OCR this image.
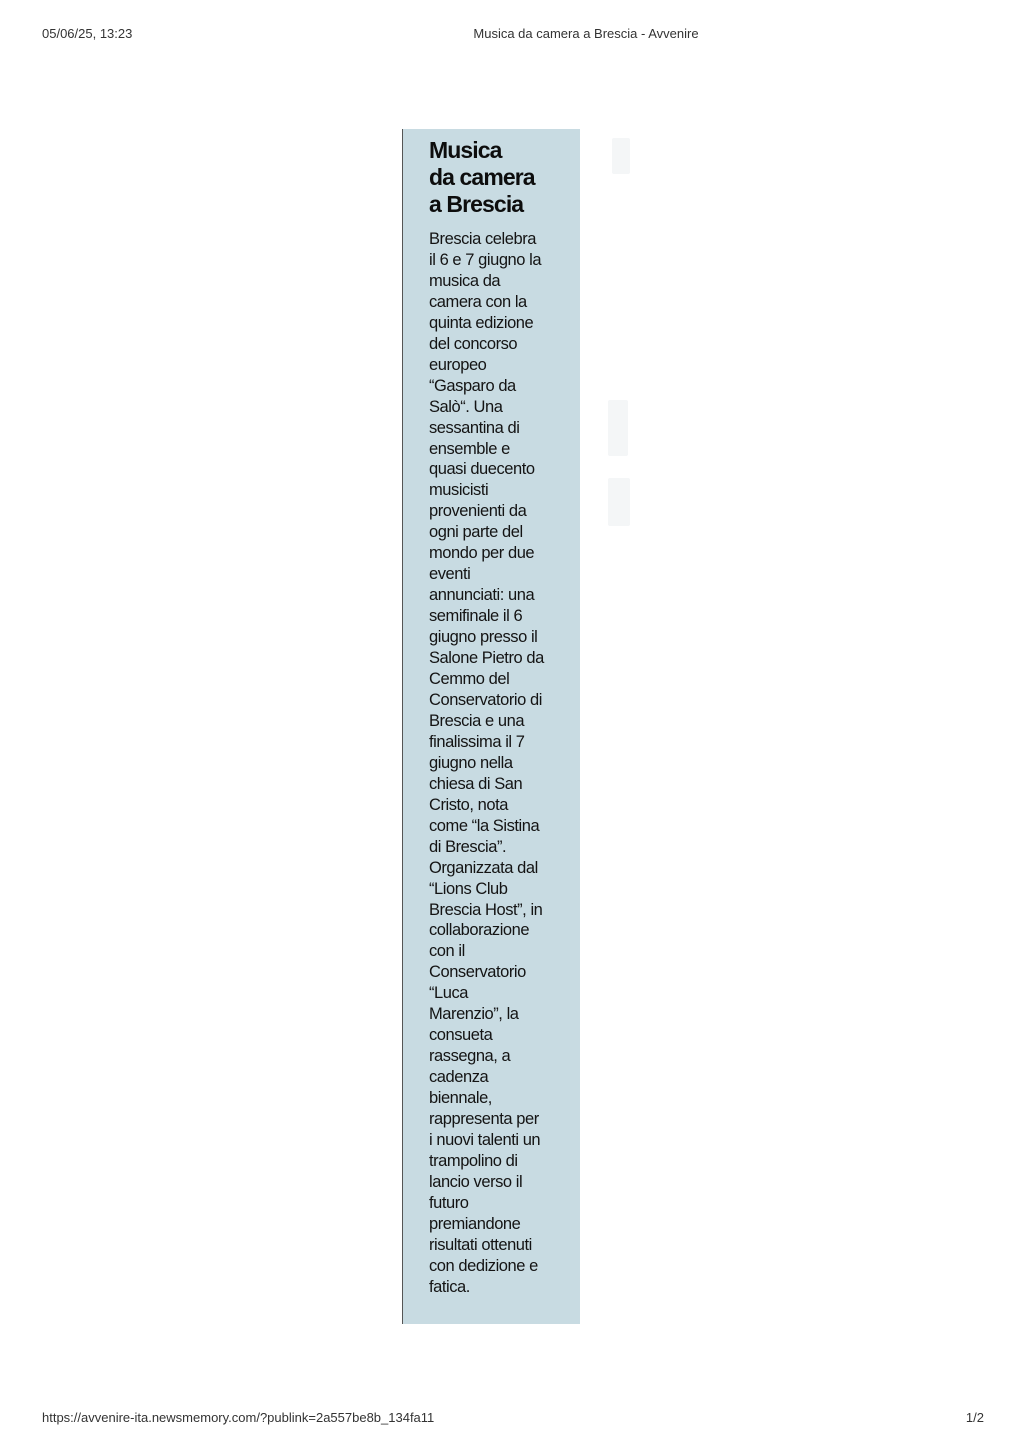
05/06/25, 13:23	Musica da camera a Brescia - Avvenire
Musica
da camera
a Brescia
Brescia celebra
il 6 e 7 giugno la
musica da
camera con la
quinta edizione
del concorso
europeo
“Gasparo da
Salò“. Una
sessantina di
ensemble e
quasi duecento
musicisti
provenienti da
ogni parte del
mondo per due
eventi
annunciati: una
semifinale il 6
giugno presso il
Salone Pietro da
Cemmo del
Conservatorio di
Brescia e una
finalissima il 7
giugno nella
chiesa di San
Cristo, nota
come “la Sistina
di Brescia”.
Organizzata dal
“Lions Club
Brescia Host”, in
collaborazione
con il
Conservatorio
“Luca
Marenzio”, la
consueta
rassegna, a
cadenza
biennale,
rappresenta per
i nuovi talenti un
trampolino di
lancio verso il
futuro
premiandone
risultati ottenuti
con dedizione e
fatica.
https://avvenire-ita.newsmemory.com/?publink=2a557be8b_134fa11	1/2
